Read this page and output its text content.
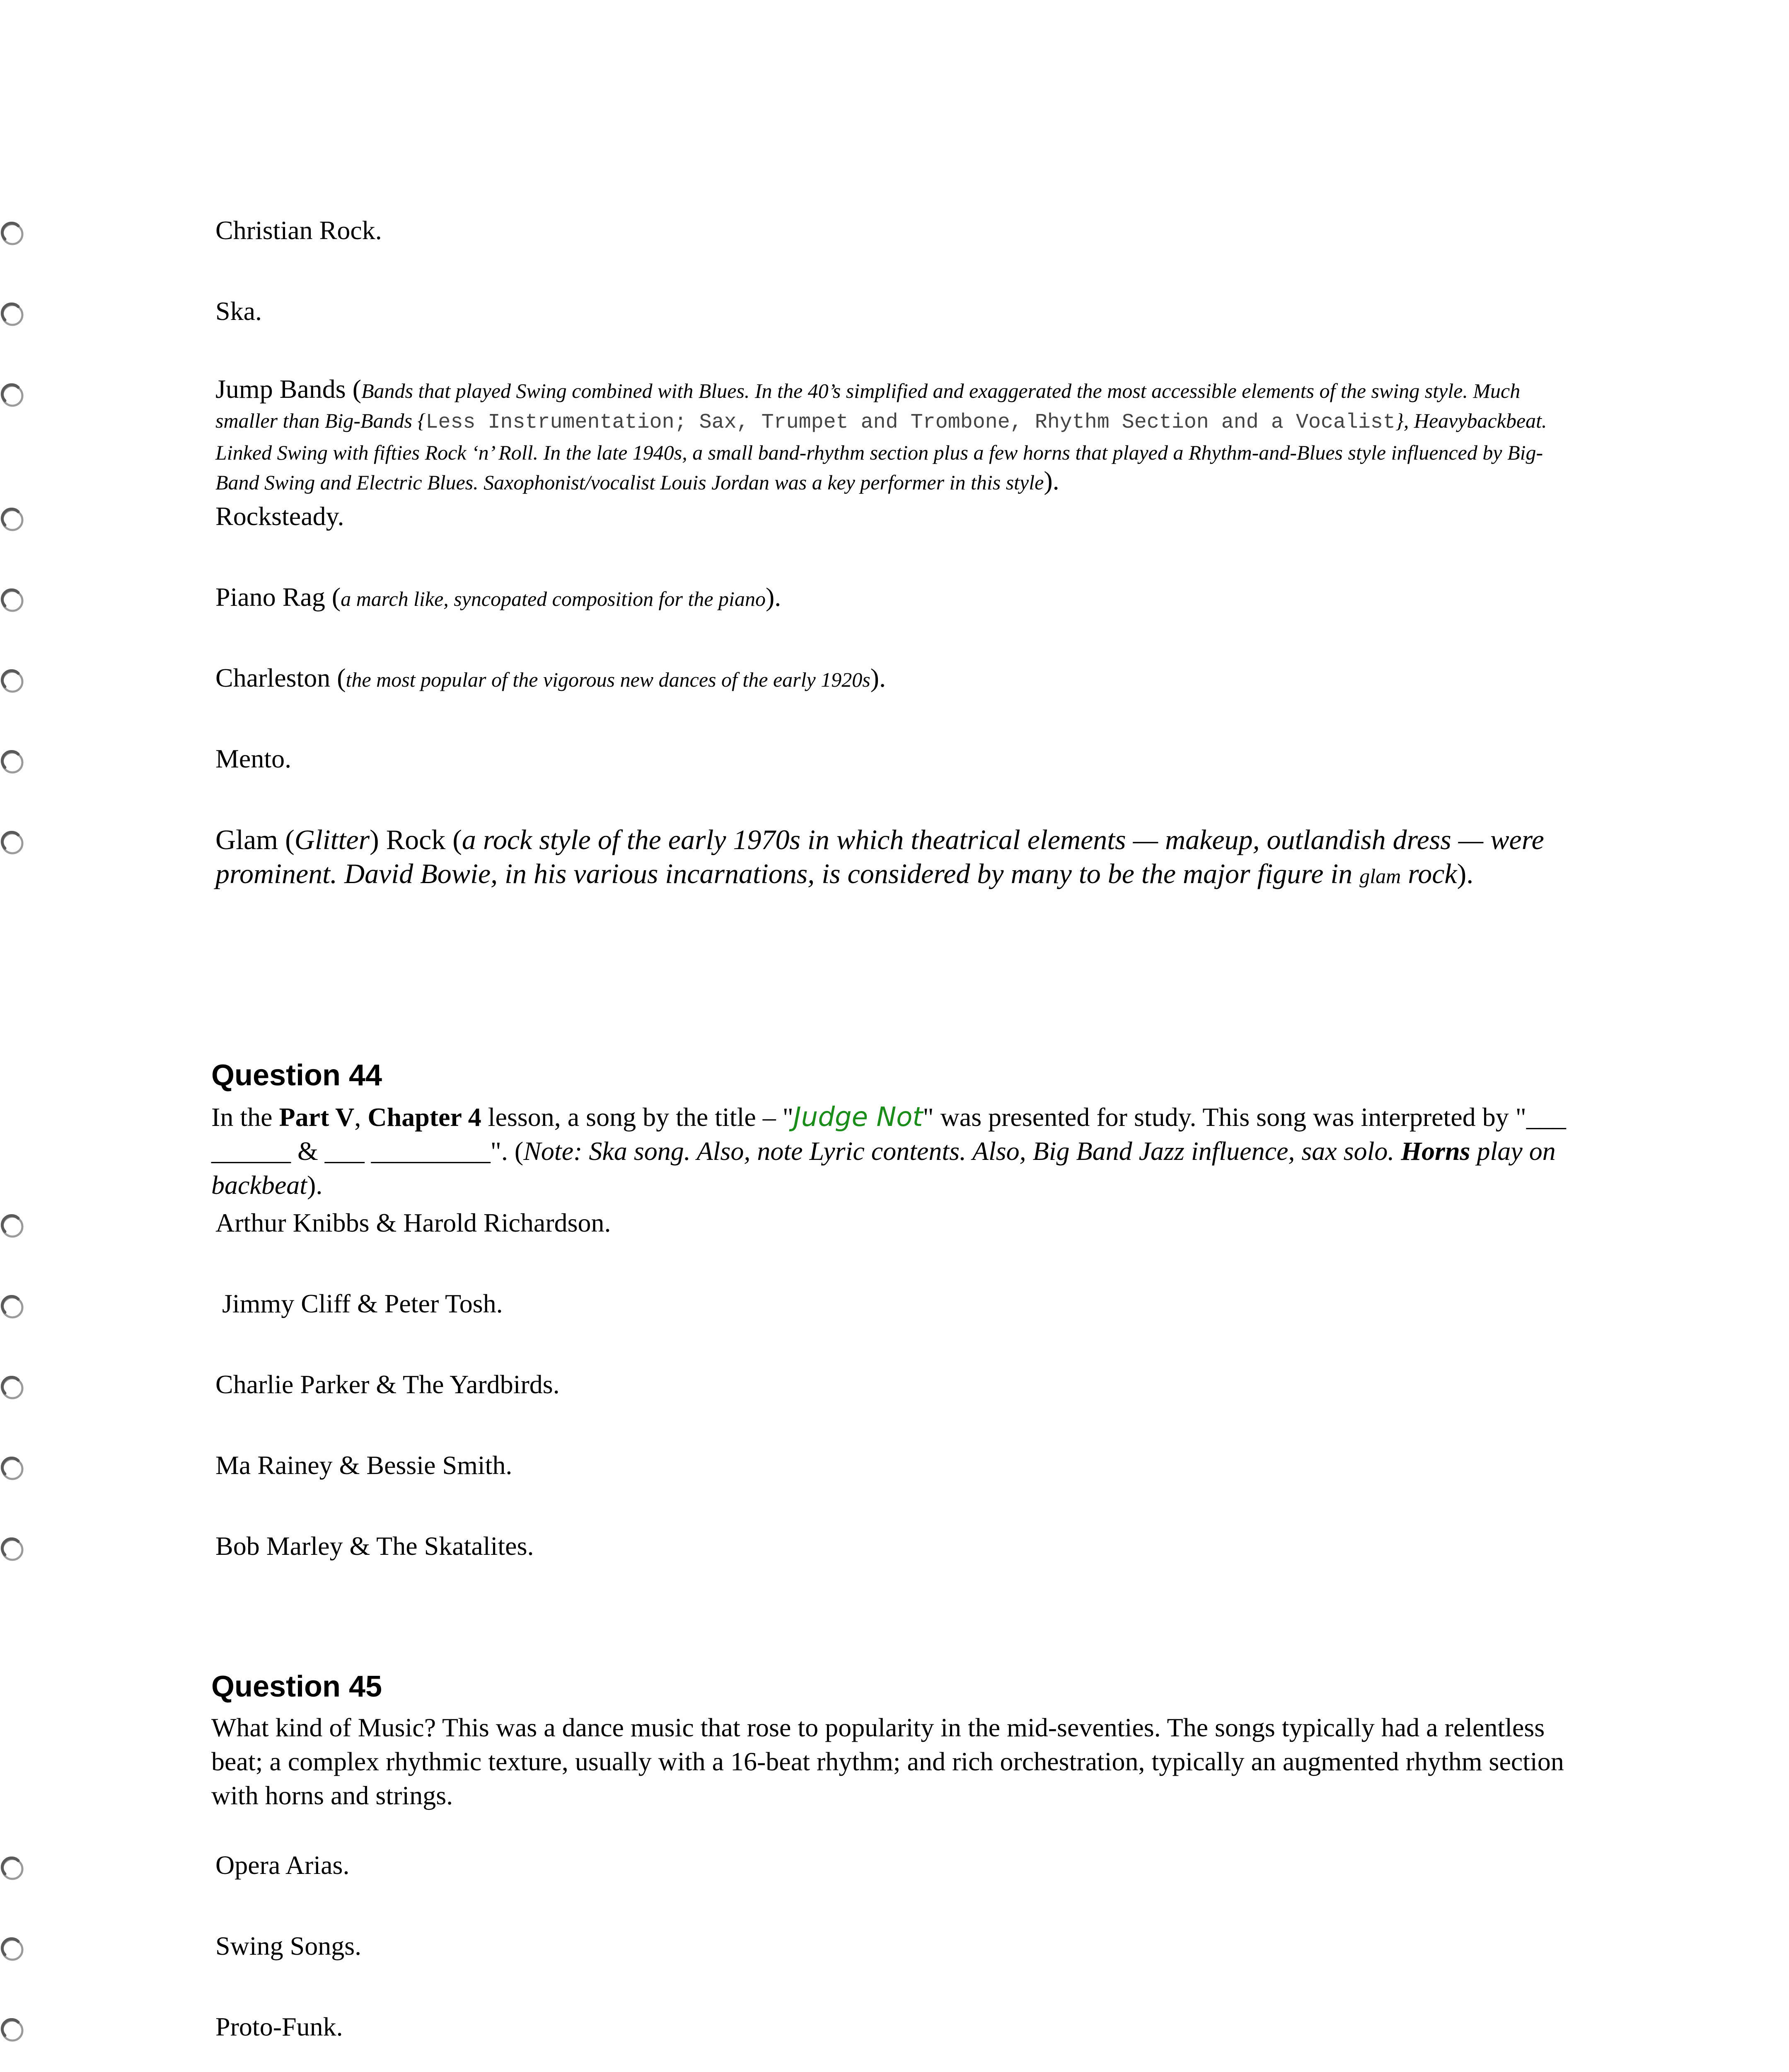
Christian Rock.
Ska.
Jump Bands (Bands that played Swing combined with Blues. In the 40’s simplified and exaggerated the most accessible elements of the swing style. Much smaller than Big-Bands {Less Instrumentation; Sax, Trumpet and Trombone, Rhythm Section and a Vocalist}, Heavybackbeat. Linked Swing with fifties Rock ‘n’ Roll. In the late 1940s, a small band-rhythm section plus a few horns that played a Rhythm-and-Blues style influenced by Big-Band Swing and Electric Blues. Saxophonist/vocalist Louis Jordan was a key performer in this style).
Rocksteady.
Piano Rag (a march like, syncopated composition for the piano).
Charleston (the most popular of the vigorous new dances of the early 1920s).
Mento.
Glam (Glitter) Rock (a rock style of the early 1970s in which theatrical elements — makeup, outlandish dress — were prominent. David Bowie, in his various incarnations, is considered by many to be the major figure in glam rock).
Question 44
In the Part V, Chapter 4 lesson, a song by the title – "Judge Not" was presented for study. This song was interpreted by "___ ______ & ___ _________". (Note: Ska song. Also, note Lyric contents. Also, Big Band Jazz influence, sax solo. Horns play on backbeat).
Arthur Knibbs & Harold Richardson.
Jimmy Cliff & Peter Tosh.
Charlie Parker & The Yardbirds.
Ma Rainey & Bessie Smith.
Bob Marley & The Skatalites.
Question 45
What kind of Music? This was a dance music that rose to popularity in the mid-seventies. The songs typically had a relentless beat; a complex rhythmic texture, usually with a 16-beat rhythm; and rich orchestration, typically an augmented rhythm section with horns and strings.
Opera Arias.
Swing Songs.
Proto-Funk.
